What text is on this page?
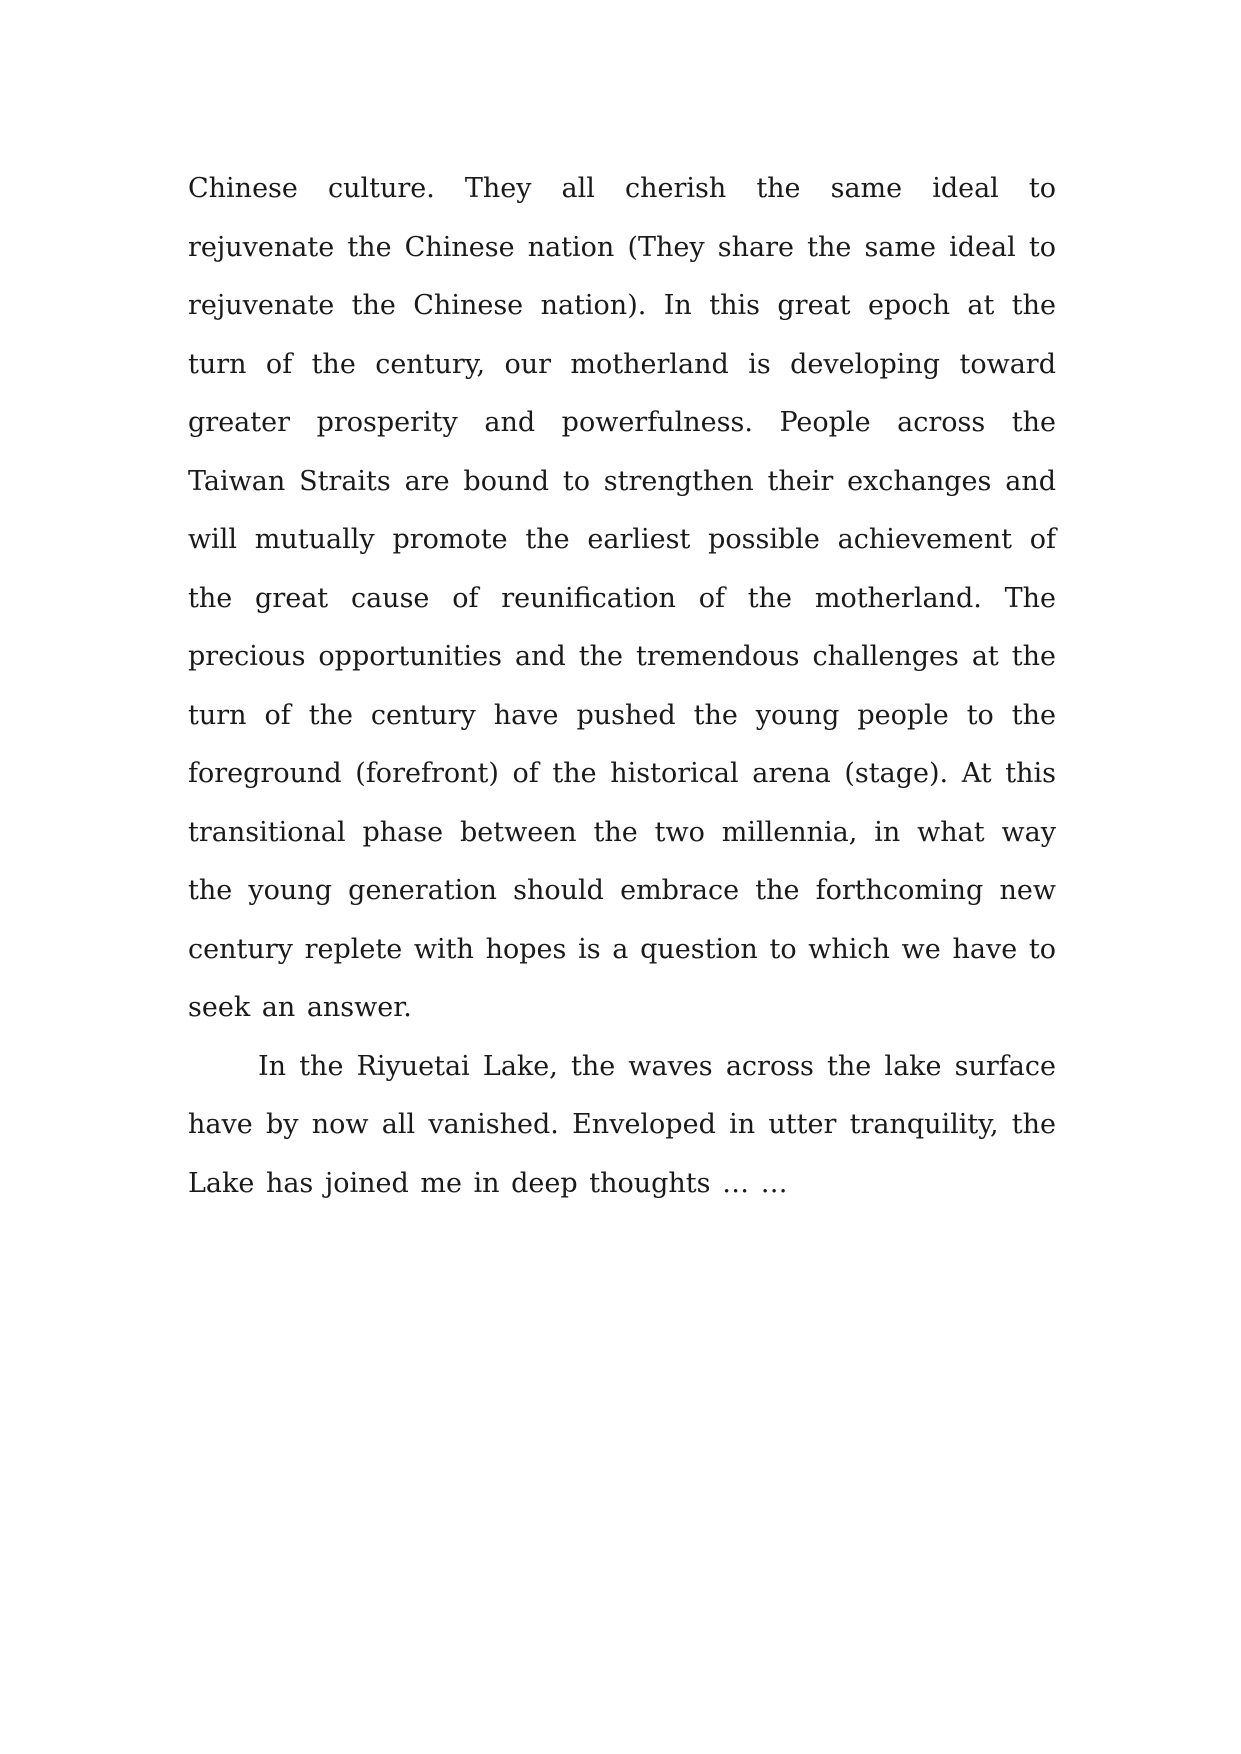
Chinese culture. They all cherish the same ideal to rejuvenate the Chinese nation (They share the same ideal to rejuvenate the Chinese nation). In this great epoch at the turn of the century, our motherland is developing toward greater prosperity and powerfulness. People across the Taiwan Straits are bound to strengthen their exchanges and will mutually promote the earliest possible achievement of the great cause of reunification of the motherland. The precious opportunities and the tremendous challenges at the turn of the century have pushed the young people to the foreground (forefront) of the historical arena (stage). At this transitional phase between the two millennia, in what way the young generation should embrace the forthcoming new century replete with hopes is a question to which we have to seek an answer.

In the Riyuetai Lake, the waves across the lake surface have by now all vanished. Enveloped in utter tranquility, the Lake has joined me in deep thoughts … …
